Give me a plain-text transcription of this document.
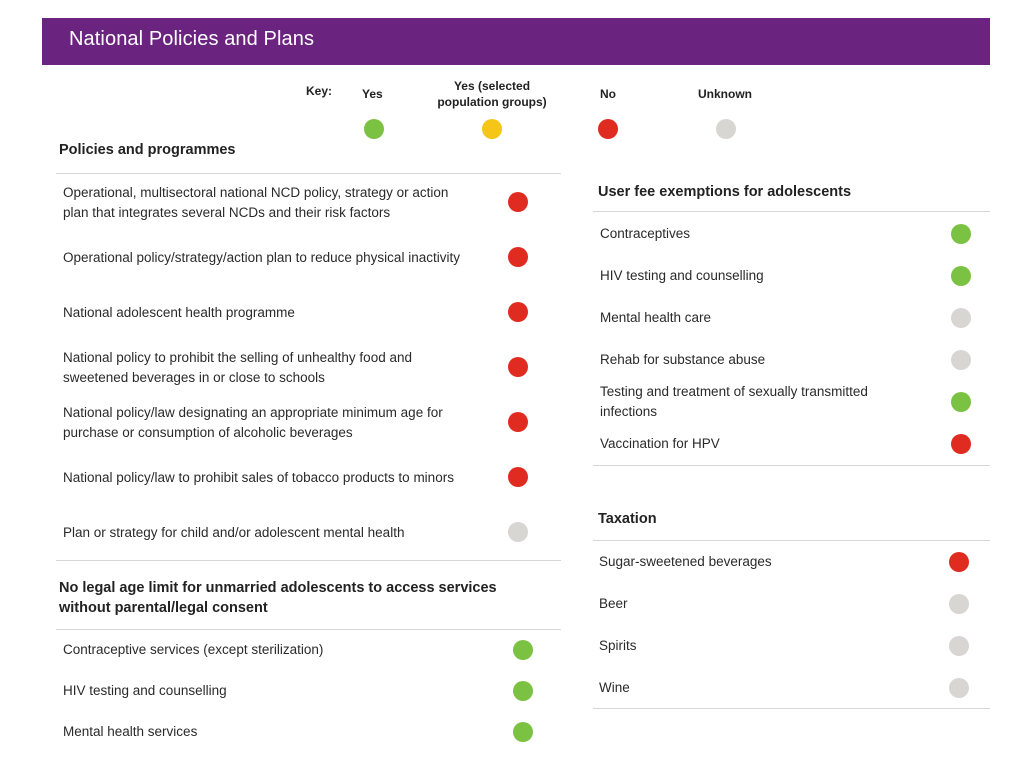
National Policies and Plans
Key: Yes
Yes (selected
population groups)
No	Unknown
Policies and programmes
Operational, multisectoral national NCD policy, strategy or action
plan that integrates several NCDs and their risk factors
Operational policy/strategy/action plan to reduce physical inactivity
National adolescent health programme
National policy to prohibit the selling of unhealthy food and
sweetened beverages in or close to schools
National policy/law designating an appropriate minimum age for
purchase or consumption of alcoholic beverages
National policy/law to prohibit sales of tobacco products to minors
Plan or strategy for child and/or adolescent mental health
No legal age limit for unmarried adolescents to access services
without parental/legal consent
Contraceptive services (except sterilization)
HIV testing and counselling
Mental health services
User fee exemptions for adolescents
Contraceptives
HIV testing and counselling
Mental health care
Rehab for substance abuse
Testing and treatment of sexually transmitted
infections
Vaccination for HPV
Taxation
Sugar-sweetened beverages
Beer
Spirits
Wine
